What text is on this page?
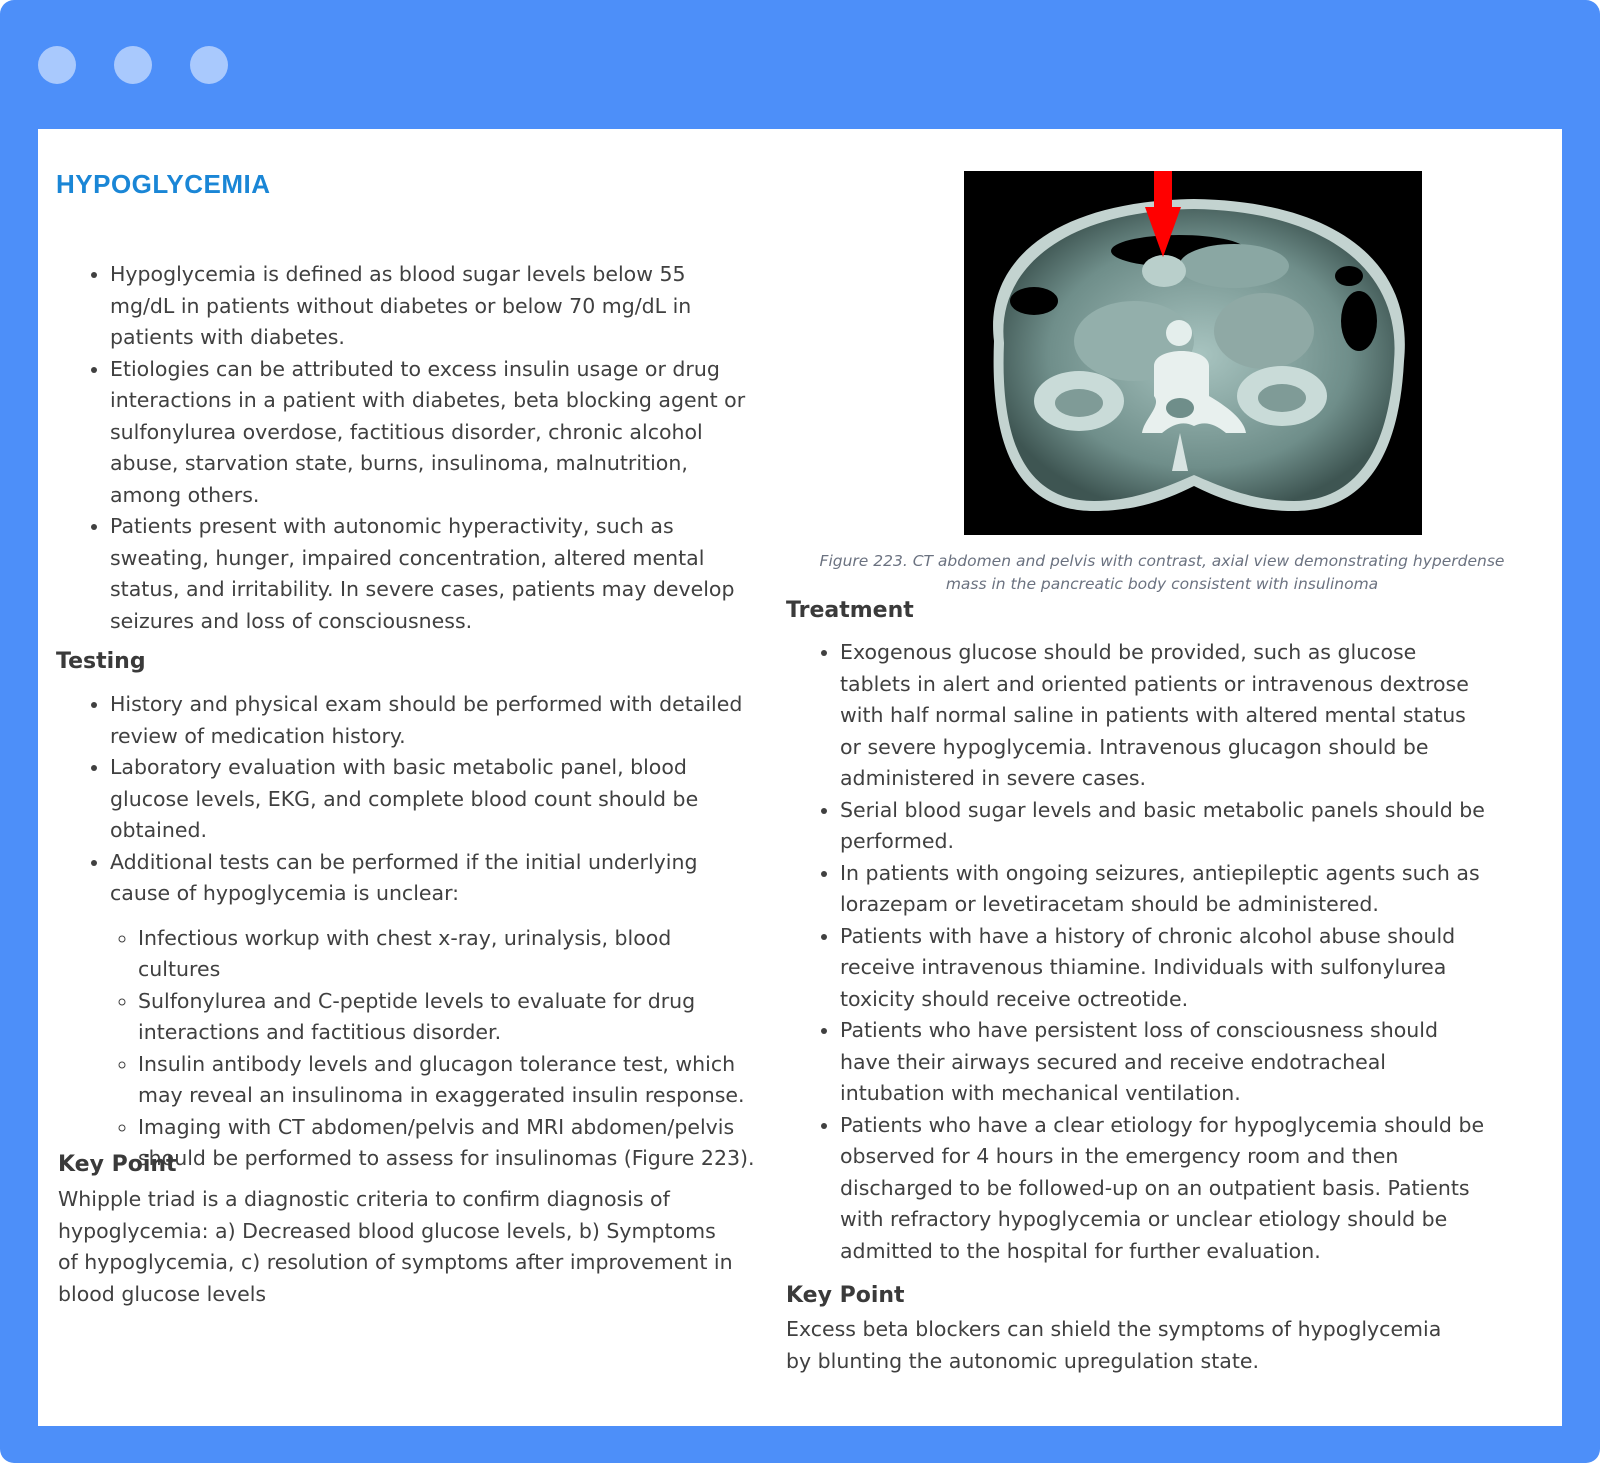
HYPOGLYCEMIA
• Hypoglycemia is defined as blood sugar levels below 55 mg/dL in patients without diabetes or below 70 mg/dL in patients with diabetes.
• Etiologies can be attributed to excess insulin usage or drug interactions in a patient with diabetes, beta blocking agent or sulfonylurea overdose, factitious disorder, chronic alcohol abuse, starvation state, burns, insulinoma, malnutrition, among others.
• Patients present with autonomic hyperactivity, such as sweating, hunger, impaired concentration, altered mental status, and irritability. In severe cases, patients may develop seizures and loss of consciousness.
Testing
• History and physical exam should be performed with detailed review of medication history.
• Laboratory evaluation with basic metabolic panel, blood glucose levels, EKG, and complete blood count should be obtained.
• Additional tests can be performed if the initial underlying cause of hypoglycemia is unclear:
◦ Infectious workup with chest x-ray, urinalysis, blood cultures
◦ Sulfonylurea and C-peptide levels to evaluate for drug interactions and factitious disorder.
◦ Insulin antibody levels and glucagon tolerance test, which may reveal an insulinoma in exaggerated insulin response.
◦ Imaging with CT abdomen/pelvis and MRI abdomen/pelvis should be performed to assess for insulinomas (Figure 223).
Key Point

Whipple triad is a diagnostic criteria to confirm diagnosis of hypoglycemia: a) Decreased blood glucose levels, b) Symptoms of hypoglycemia, c) resolution of symptoms after improvement in blood glucose levels

Figure 223. CT abdomen and pelvis with contrast, axial view demonstrating hyperdense mass in the pancreatic body consistent with insulinoma
Treatment
• Exogenous glucose should be provided, such as glucose tablets in alert and oriented patients or intravenous dextrose with half normal saline in patients with altered mental status or severe hypoglycemia. Intravenous glucagon should be administered in severe cases.
• Serial blood sugar levels and basic metabolic panels should be performed.
• In patients with ongoing seizures, antiepileptic agents such as lorazepam or levetiracetam should be administered.
• Patients with have a history of chronic alcohol abuse should receive intravenous thiamine. Individuals with sulfonylurea toxicity should receive octreotide.
• Patients who have persistent loss of consciousness should have their airways secured and receive endotracheal intubation with mechanical ventilation.
• Patients who have a clear etiology for hypoglycemia should be observed for 4 hours in the emergency room and then discharged to be followed-up on an outpatient basis. Patients with refractory hypoglycemia or unclear etiology should be admitted to the hospital for further evaluation.
Key Point

Excess beta blockers can shield the symptoms of hypoglycemia by blunting the autonomic upregulation state.
